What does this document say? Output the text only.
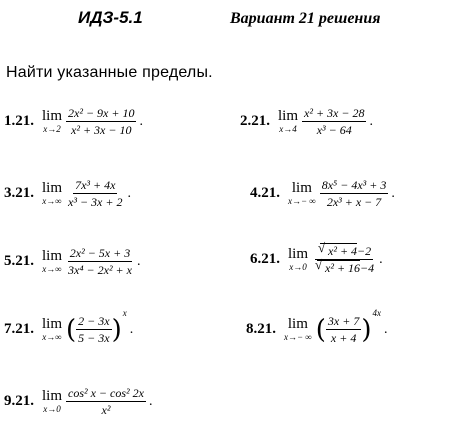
ИДЗ-5.1	Вариант 21 решения
Найти указанные пределы.
1.21. lim
$x\to 2 \frac{\text{2x² − 9x + 10}}{\text{x² + 3x − 10}}$ .	2.21. lim
$x\to 4 \frac{\text{x² + 3x − 28}}{\text{x³ − 64}}$ .
3.21. lim
$x\to\infty \frac{\text{7x³ + 4x}}{\text{x³ − 3x + 2}}$ .	4.21. lim
x→− ∞ $\frac{\text{8x⁵ − 4x³ + 3}}{\text{2x³ + x − 7}}$ .
5.21. lim
$x\to\infty \frac{\text{2x² − 5x + 3}}{\text{3x⁴ − 2x² + x}}$ .	6.21. lim
x→0
√ x² + 4−2
√ x² + 16−4 .
7.21. lim
x→∞ ( $\frac{2 - 3x}{5 - 3x}$ )
x
.	8.21. lim
x→− ∞ ( $\frac{3x + 7}{x + 4}$ )
4x
.
9.21. lim
$x\to 0 \frac{\text{cos² x − cos² 2x}}{\text{x²}}$ .
